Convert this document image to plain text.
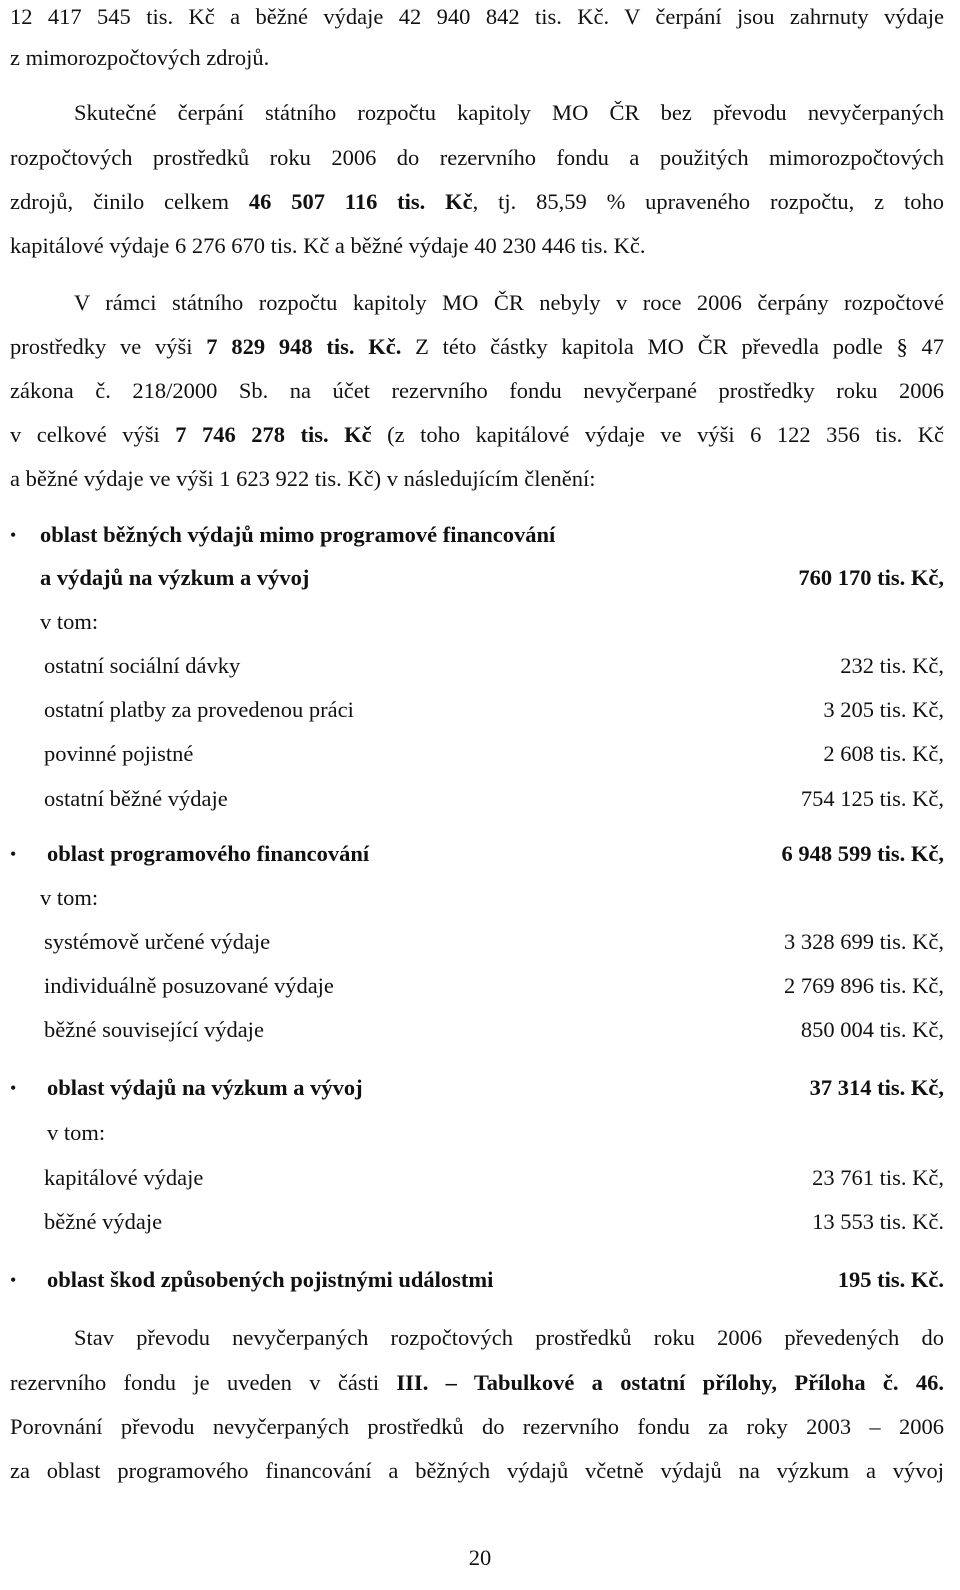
12 417 545 tis. Kč a běžné výdaje 42 940 842 tis. Kč. V čerpání jsou zahrnuty výdaje
z mimorozpočtových zdrojů.
Skutečné čerpání státního rozpočtu kapitoly MO ČR bez převodu nevyčerpaných
rozpočtových prostředků roku 2006 do rezervního fondu a použitých mimorozpočtových
zdrojů, činilo celkem 46 507 116 tis. Kč, tj. 85,59 % upraveného rozpočtu, z toho
kapitálové výdaje 6 276 670 tis. Kč a běžné výdaje 40 230 446 tis. Kč.
V rámci státního rozpočtu kapitoly MO ČR nebyly v roce 2006 čerpány rozpočtové
prostředky ve výši 7 829 948 tis. Kč. Z této částky kapitola MO ČR převedla podle § 47
zákona č. 218/2000 Sb. na účet rezervního fondu nevyčerpané prostředky roku 2006
v celkové výši 7 746 278 tis. Kč (z toho kapitálové výdaje ve výši 6 122 356 tis. Kč
a běžné výdaje ve výši 1 623 922 tis. Kč) v následujícím členění:
• oblast běžných výdajů mimo programové financování
a výdajů na výzkum a vývoj	760 170 tis. Kč,
v tom:
ostatní sociální dávky	232 tis. Kč,
ostatní platby za provedenou práci	3 205 tis. Kč,
povinné pojistné	2 608 tis. Kč,
ostatní běžné výdaje	754 125 tis. Kč,
• oblast programového financování	6 948 599 tis. Kč,
v tom:
systémově určené výdaje	3 328 699 tis. Kč,
individuálně posuzované výdaje	2 769 896 tis. Kč,
běžné související výdaje	850 004 tis. Kč,
• oblast výdajů na výzkum a vývoj	37 314 tis. Kč,
v tom:
kapitálové výdaje	23 761 tis. Kč,
běžné výdaje	13 553 tis. Kč.
• oblast škod způsobených pojistnými událostmi	195 tis. Kč.
Stav převodu nevyčerpaných rozpočtových prostředků roku 2006 převedených do
rezervního fondu je uveden v části III. – Tabulkové a ostatní přílohy, Příloha č. 46.
Porovnání převodu nevyčerpaných prostředků do rezervního fondu za roky 2003 – 2006
za oblast programového financování a běžných výdajů včetně výdajů na výzkum a vývoj
20
